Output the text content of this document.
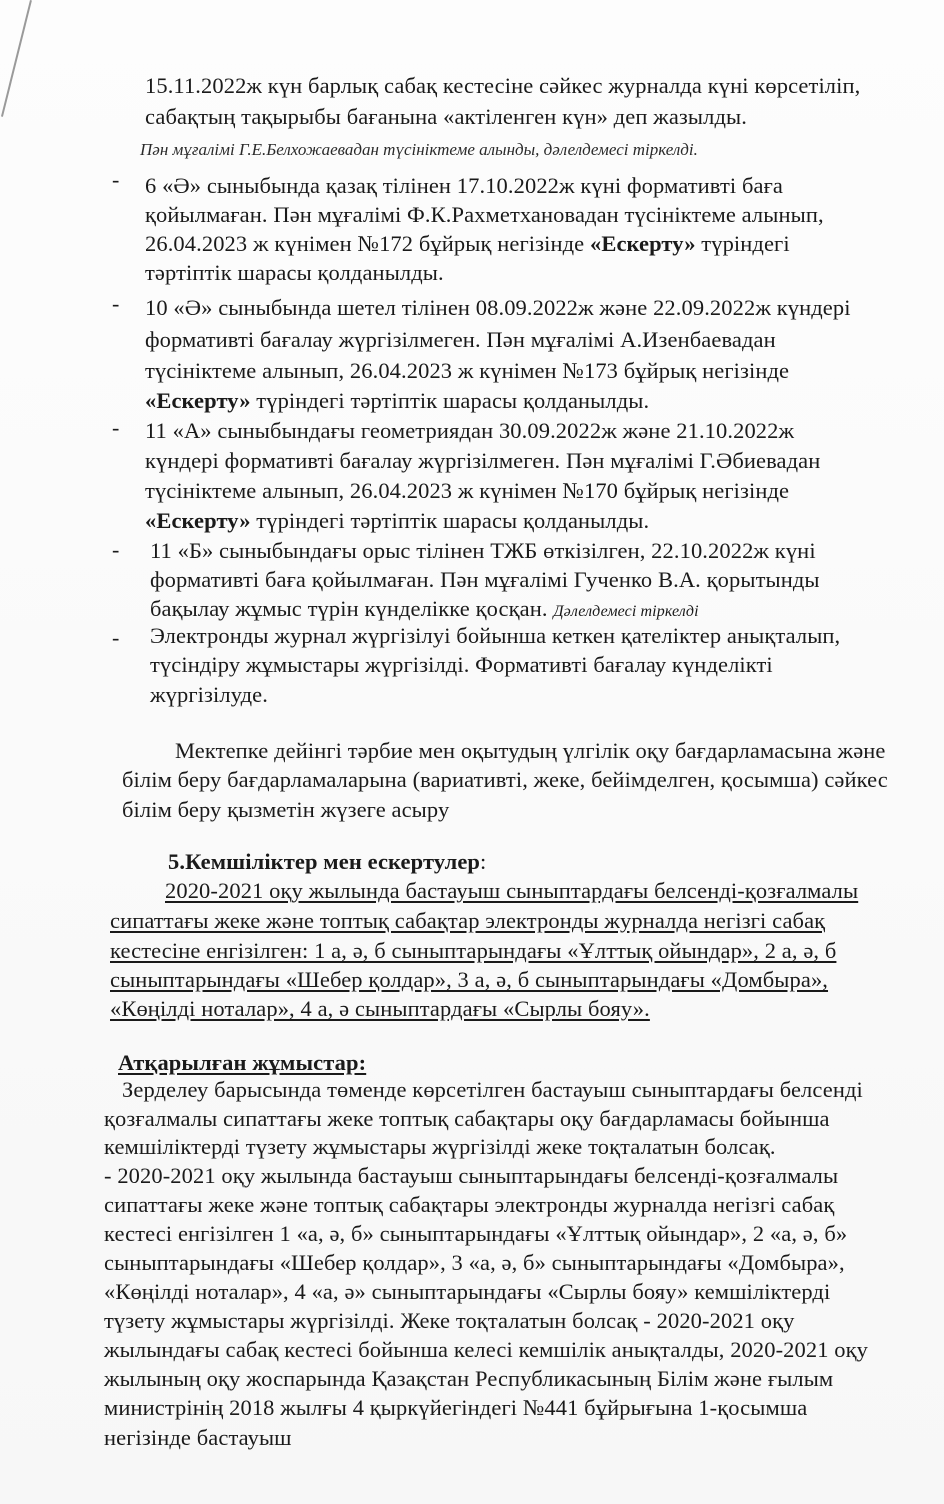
15.11.2022ж күн барлық сабақ кестесіне сәйкес журналда күні көрсетіліп,
сабақтың тақырыбы бағанына «актіленген күн» деп жазылды.
Пән мұғалімі Г.Е.Белхожаевадан түсініктеме алынды, дәлелдемесі тіркелді.
- 6 «Ә» сыныбында қазақ тілінен 17.10.2022ж күні формативті баға
қойылмаған. Пән мұғалімі Ф.К.Рахметхановадан түсініктеме алынып,
26.04.2023 ж күнімен №172 бұйрық негізінде «Ескерту» түріндегі
тәртіптік шарасы қолданылды.
- 10 «Ә» сыныбында шетел тілінен 08.09.2022ж және 22.09.2022ж күндері
формативті бағалау жүргізілмеген. Пән мұғалімі А.Изенбаевадан
түсініктеме алынып, 26.04.2023 ж күнімен №173 бұйрық негізінде
«Ескерту» түріндегі тәртіптік шарасы қолданылды.
- 11 «А» сыныбындағы геометриядан 30.09.2022ж және 21.10.2022ж
күндері формативті бағалау жүргізілмеген. Пән мұғалімі Г.Әбиевадан
түсініктеме алынып, 26.04.2023 ж күнімен №170 бұйрық негізінде
«Ескерту» түріндегі тәртіптік шарасы қолданылды.
- 11 «Б» сыныбындағы орыс тілінен ТЖБ өткізілген, 22.10.2022ж күні
формативті баға қойылмаған. Пән мұғалімі Гученко В.А. қорытынды
бақылау жұмыс түрін күнделікке қосқан. Дәлелдемесі тіркелді
- Электронды журнал жүргізілуі бойынша кеткен қателіктер анықталып,
түсіндіру жұмыстары жүргізілді. Формативті бағалау күнделікті
жүргізілуде.
Мектепке дейінгі тәрбие мен оқытудың үлгілік оқу бағдарламасына және
білім беру бағдарламаларына (вариативті, жеке, бейімделген, қосымша) сәйкес
білім беру қызметін жүзеге асыру
5.Кемшіліктер мен ескертулер:
2020-2021 оқу жылында бастауыш сыныптардағы белсенді-қозғалмалы
сипаттағы жеке және топтық сабақтар электронды журналда негізгі сабақ
кестесіне енгізілген: 1 а, ә, б сыныптарындағы «Ұлттық ойындар», 2 а, ә, б
сыныптарындағы «Шебер қолдар», 3 а, ә, б сыныптарындағы «Домбыра»,
«Көңілді ноталар», 4 а, ә сыныптардағы «Сырлы бояу».
Атқарылған жұмыстар:
Зерделеу барысында төменде көрсетілген бастауыш сыныптардағы белсенді
қозғалмалы сипаттағы жеке топтық сабақтары оқу бағдарламасы бойынша
кемшіліктерді түзету жұмыстары жүргізілді жеке тоқталатын болсақ.
- 2020-2021 оқу жылында бастауыш сыныптарындағы белсенді-қозғалмалы
сипаттағы жеке және топтық сабақтары электронды журналда негізгі сабақ
кестесі енгізілген 1 «а, ә, б» сыныптарындағы «Ұлттық ойындар», 2 «а, ә, б»
сыныптарындағы «Шебер қолдар», 3 «а, ә, б» сыныптарындағы «Домбыра»,
«Көңілді ноталар», 4 «а, ә» сыныптарындағы «Сырлы бояу» кемшіліктерді
түзету жұмыстары жүргізілді. Жеке тоқталатын болсақ - 2020-2021 оқу
жылындағы сабақ кестесі бойынша келесі кемшілік анықталды, 2020-2021 оқу
жылының оқу жоспарында Қазақстан Республикасының Білім және ғылым
министрінің 2018 жылғы 4 қыркүйегіндегі №441 бұйрығына 1-қосымша
негізінде бастауыш
